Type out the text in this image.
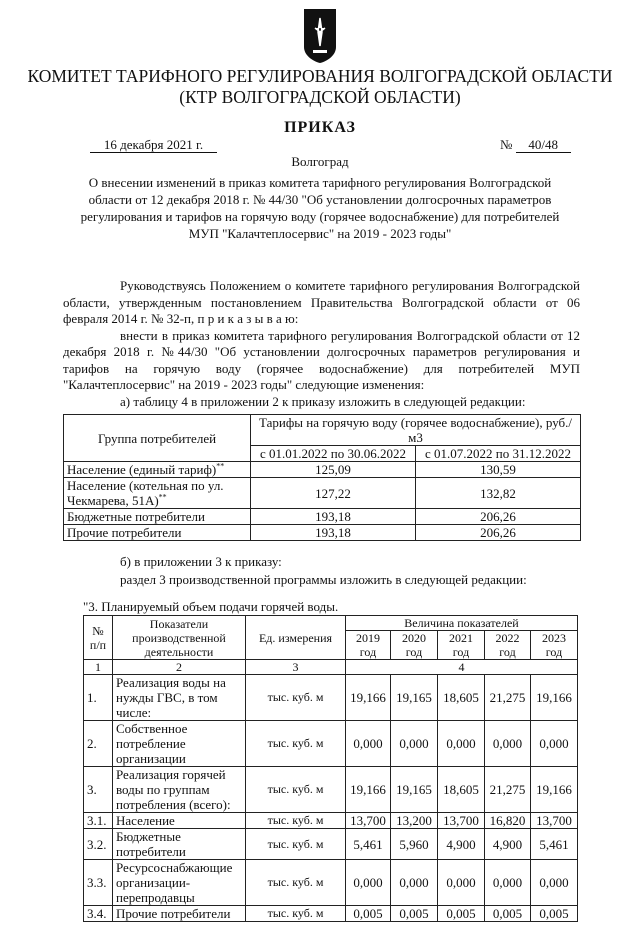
КОМИТЕТ ТАРИФНОГО РЕГУЛИРОВАНИЯ ВОЛГОГРАДСКОЙ ОБЛАСТИ
(КТР ВОЛГОГРАДСКОЙ ОБЛАСТИ)
ПРИКАЗ
16 декабря 2021 г.	№ 40/48
Волгоград
О внесении изменений в приказ комитета тарифного регулирования Волгоградской области от 12 декабря 2018 г. № 44/30 "Об установлении долгосрочных параметров регулирования и тарифов на горячую воду (горячее водоснабжение) для потребителей МУП "Калачтеплосервис" на 2019 - 2023 годы"

Руководствуясь Положением о комитете тарифного регулирования Волгоградской области, утвержденным постановлением Правительства Волгоградской области от 06 февраля 2014 г. № 32-п, п р и к а з ы в а ю:

внести в приказ комитета тарифного регулирования Волгоградской области от 12 декабря 2018 г. №44/30 "Об установлении долгосрочных параметров регулирования и тарифов на горячую воду (горячее водоснабжение) для потребителей МУП "Калачтеплосервис" на 2019 - 2023 годы" следующие изменения:

а) таблицу 4 в приложении 2 к приказу изложить в следующей редакции:

Группа потребителей	Тарифы на горячую воду (горячее водоснабжение), руб./м3	
	с 01.01.2022 по 30.06.2022	с 01.07.2022 по 31.12.2022
Население (единый тариф)**	125,09	130,59
Население (котельная по ул. Чекмарева, 51А)**	127,22	132,82
Бюджетные потребители	193,18	206,26
Прочие потребители	193,18	206,26

б) в приложении 3 к приказу:

раздел 3 производственной программы изложить в следующей редакции:

"3. Планируемый объем подачи горячей воды.
№ п/п	Показатели производственной деятельности	Ед. измерения	Величина показателей				
			2019 год	2020 год	2021 год	2022 год	2023 год
1	2	3	4				
1.	Реализация воды на нужды ГВС, в том числе:	тыс. куб. м	19,166	19,165	18,605	21,275	19,166
2.	Собственное потребление организации	тыс. куб. м	0,000	0,000	0,000	0,000	0,000
3.	Реализация горячей воды по группам потребления (всего):	тыс. куб. м	19,166	19,165	18,605	21,275	19,166
3.1.	Население	тыс. куб. м	13,700	13,200	13,700	16,820	13,700
3.2.	Бюджетные потребители	тыс. куб. м	5,461	5,960	4,900	4,900	5,461
3.3.	Ресурсоснабжающие организации-перепродавцы	тыс. куб. м	0,000	0,000	0,000	0,000	0,000
3.4.	Прочие потребители	тыс. куб. м	0,005	0,005	0,005	0,005	0,005
